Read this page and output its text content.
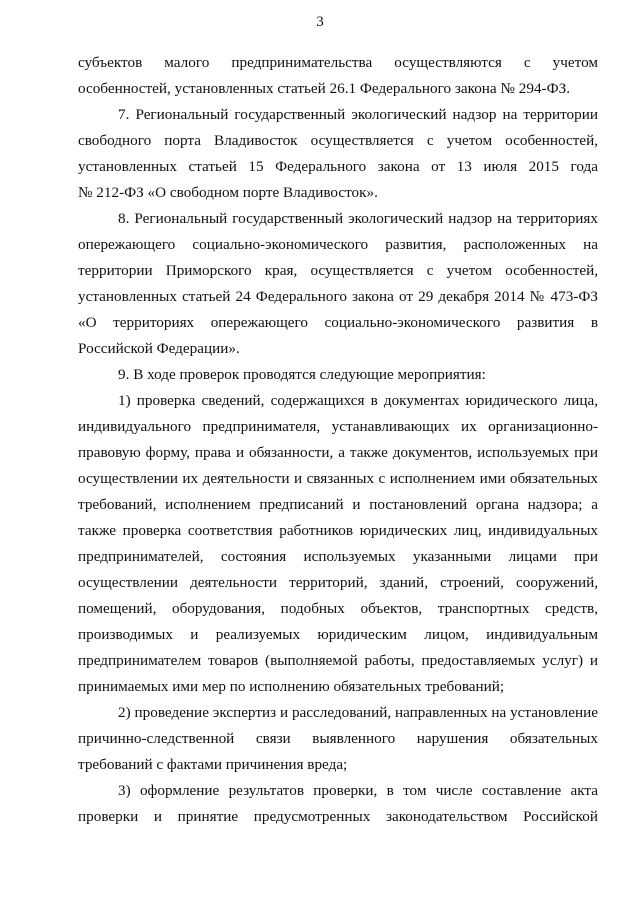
3
субъектов малого предпринимательства осуществляются с учетом
особенностей, установленных статьей 26.1 Федерального закона № 294-ФЗ.
7. Региональный государственный экологический надзор на территории
свободного порта Владивосток осуществляется с учетом особенностей,
установленных статьей 15 Федерального закона от 13 июля 2015 года
№ 212-ФЗ «О свободном порте Владивосток».
8. Региональный государственный экологический надзор на территориях
опережающего социально-экономического развития, расположенных на
территории Приморского края, осуществляется с учетом особенностей,
установленных статьей 24 Федерального закона от 29 декабря 2014 № 473-ФЗ
«О территориях опережающего социально-экономического развития в
Российской Федерации».
9. В ходе проверок проводятся следующие мероприятия:
1) проверка сведений, содержащихся в документах юридического лица,
индивидуального предпринимателя, устанавливающих их организационно-
правовую форму, права и обязанности, а также документов, используемых при
осуществлении их деятельности и связанных с исполнением ими обязательных
требований, исполнением предписаний и постановлений органа надзора; а
также проверка соответствия работников юридических лиц, индивидуальных
предпринимателей, состояния используемых указанными лицами при
осуществлении деятельности территорий, зданий, строений, сооружений,
помещений, оборудования, подобных объектов, транспортных средств,
производимых и реализуемых юридическим лицом, индивидуальным
предпринимателем товаров (выполняемой работы, предоставляемых услуг) и
принимаемых ими мер по исполнению обязательных требований;
2) проведение экспертиз и расследований, направленных на установление
причинно-следственной связи выявленного нарушения обязательных
требований с фактами причинения вреда;
3) оформление результатов проверки, в том числе составление акта
проверки и принятие предусмотренных законодательством Российской
